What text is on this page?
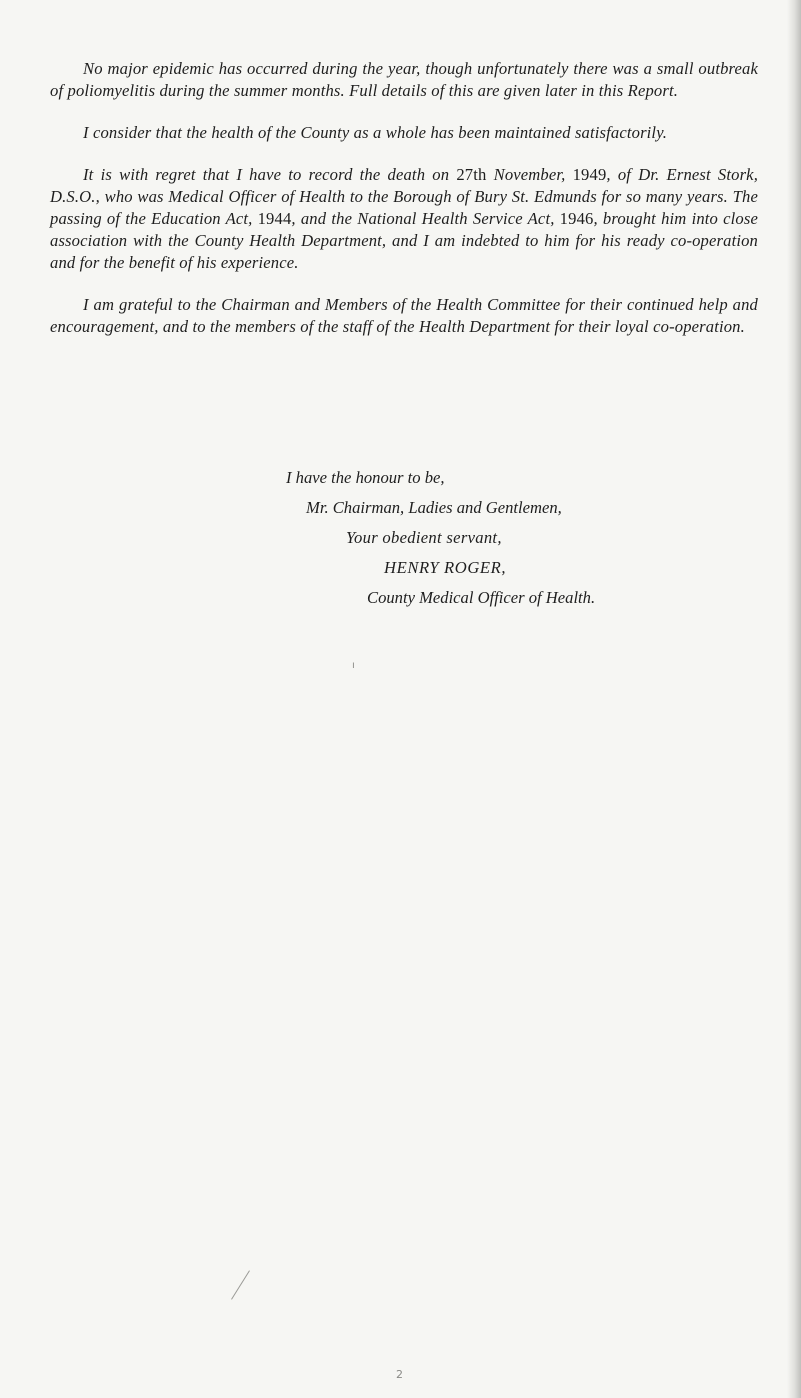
No major epidemic has occurred during the year, though unfortunately there was a small outbreak of poliomyelitis during the summer months. Full details of this are given later in this Report.

I consider that the health of the County as a whole has been maintained satisfactorily.

It is with regret that I have to record the death on 27th November, 1949, of Dr. Ernest Stork, D.S.O., who was Medical Officer of Health to the Borough of Bury St. Edmunds for so many years. The passing of the Education Act, 1944, and the National Health Service Act, 1946, brought him into close association with the County Health Department, and I am indebted to him for his ready co-operation and for the benefit of his experience.

I am grateful to the Chairman and Members of the Health Committee for their continued help and encouragement, and to the members of the staff of the Health Department for their loyal co-operation.

I have the honour to be,
Mr. Chairman, Ladies and Gentlemen,
Your obedient servant,
HENRY ROGER,
County Medical Officer of Health.
ı
2
